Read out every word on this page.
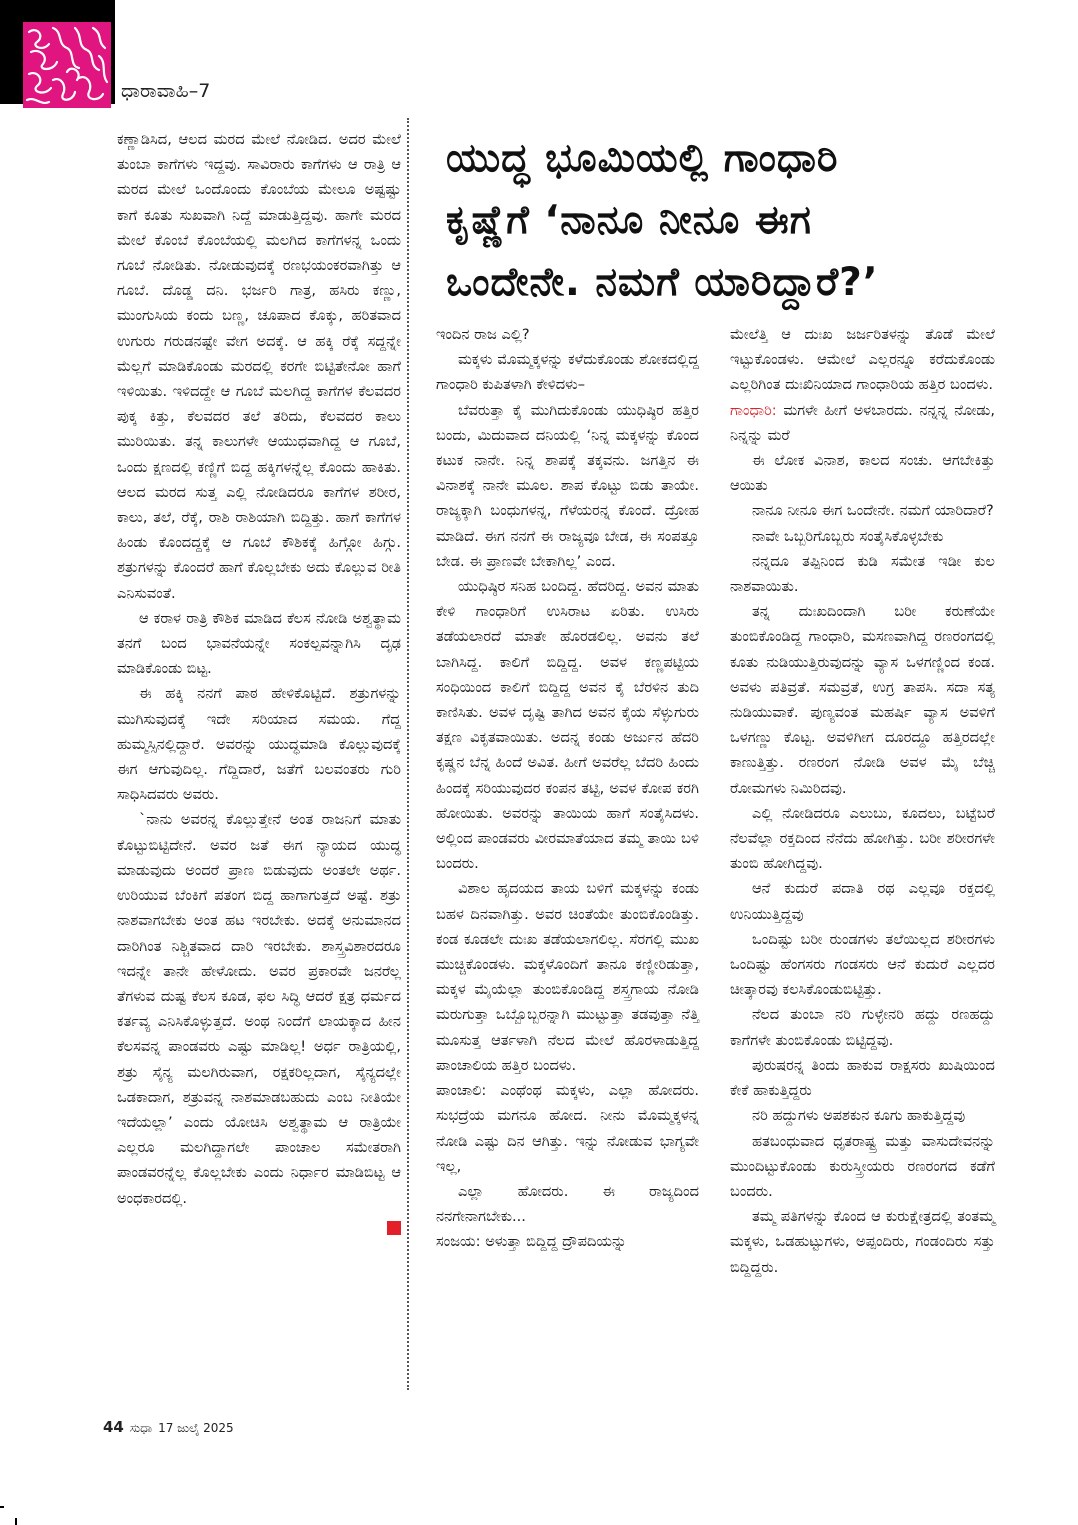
ಧಾರಾವಾಹಿ–7
ಯುದ್ಧ ಭೂಮಿಯಲ್ಲಿ ಗಾಂಧಾರಿ
ಕೃಷ್ಣೆಗೆ ‘ನಾನೂ ನೀನೂ ಈಗ
ಒಂದೇನೇ. ನಮಗೆ ಯಾರಿದ್ದಾರೆ?’

ಕಣ್ಣಾಡಿಸಿದ, ಆಲದ ಮರದ ಮೇಲೆ ನೋಡಿದ. ಅದರ ಮೇಲೆ ತುಂಬಾ ಕಾಗೆಗಳು ಇದ್ದವು. ಸಾವಿರಾರು ಕಾಗೆಗಳು ಆ ರಾತ್ರಿ ಆ ಮರದ ಮೇಲೆ ಒಂದೊಂದು ಕೊಂಬೆಯ ಮೇಲೂ ಅಷ್ಟಷ್ಟು ಕಾಗೆ ಕೂತು ಸುಖವಾಗಿ ನಿದ್ದೆ ಮಾಡುತ್ತಿದ್ದವು. ಹಾಗೇ ಮರದ ಮೇಲೆ ಕೊಂಬೆ ಕೊಂಬೆಯಲ್ಲಿ ಮಲಗಿದ ಕಾಗೆಗಳನ್ನ ಒಂದು ಗೂಬೆ ನೋಡಿತು. ನೋಡುವುದಕ್ಕೆ ರಣಭಯಂಕರವಾಗಿತ್ತು ಆ ಗೂಬೆ. ದೊಡ್ಡ ದನಿ. ಭರ್ಜರಿ ಗಾತ್ರ, ಹಸಿರು ಕಣ್ಣು, ಮುಂಗುಸಿಯ ಕಂದು ಬಣ್ಣ, ಚೂಪಾದ ಕೊಕ್ಕು, ಹರಿತವಾದ ಉಗುರು ಗರುಡನಷ್ಟೇ ವೇಗ ಅದಕ್ಕೆ. ಆ ಹಕ್ಕಿ ರೆಕ್ಕೆ ಸದ್ದನ್ನೇ ಮೆಲ್ಲಗೆ ಮಾಡಿಕೊಂಡು ಮರದಲ್ಲಿ ಕರಗೇ ಬಿಟ್ಟಿತೇನೋ ಹಾಗೆ ಇಳಿಯಿತು. ಇಳಿದದ್ದೇ ಆ ಗೂಬೆ ಮಲಗಿದ್ದ ಕಾಗೆಗಳ ಕೆಲವದರ ಪುಕ್ಕ ಕಿತ್ತು, ಕೆಲವದರ ತಲೆ ತರಿದು, ಕೆಲವದರ ಕಾಲು ಮುರಿಯಿತು. ತನ್ನ ಕಾಲುಗಳೇ ಆಯುಧವಾಗಿದ್ದ ಆ ಗೂಬೆ, ಒಂದು ಕ್ಷಣದಲ್ಲಿ ಕಣ್ಣಿಗೆ ಬಿದ್ದ ಹಕ್ಕಿಗಳನ್ನೆಲ್ಲ ಕೊಂದು ಹಾಕಿತು. ಆಲದ ಮರದ ಸುತ್ತ ಎಲ್ಲಿ ನೋಡಿದರೂ ಕಾಗೆಗಳ ಶರೀರ, ಕಾಲು, ತಲೆ, ರೆಕ್ಕೆ, ರಾಶಿ ರಾಶಿಯಾಗಿ ಬಿದ್ದಿತ್ತು. ಹಾಗೆ ಕಾಗೆಗಳ ಹಿಂಡು ಕೊಂದದ್ದಕ್ಕೆ ಆ ಗೂಬೆ ಕೌಶಿಕಕ್ಕೆ ಹಿಗ್ಗೋ ಹಿಗ್ಗು. ಶತ್ರುಗಳನ್ನು ಕೊಂದರೆ ಹಾಗೆ ಕೊಲ್ಲಬೇಕು ಅದು ಕೊಲ್ಲುವ ರೀತಿ ಎನಿಸುವಂತೆ.

ಆ ಕರಾಳ ರಾತ್ರಿ ಕೌಶಿಕ ಮಾಡಿದ ಕೆಲಸ ನೋಡಿ ಅಶ್ವತ್ಥಾಮ ತನಗೆ ಬಂದ ಭಾವನೆಯನ್ನೇ ಸಂಕಲ್ಪವನ್ನಾಗಿಸಿ ದೃಢ ಮಾಡಿಕೊಂಡು ಬಿಟ್ಟ.

ಈ ಹಕ್ಕಿ ನನಗೆ ಪಾಠ ಹೇಳಿಕೊಟ್ಟಿದೆ. ಶತ್ರುಗಳನ್ನು ಮುಗಿಸುವುದಕ್ಕೆ ಇದೇ ಸರಿಯಾದ ಸಮಯ. ಗೆದ್ದ ಹುಮ್ಮಸ್ಸಿನಲ್ಲಿದ್ದಾರೆ. ಅವರನ್ನು ಯುದ್ಧಮಾಡಿ ಕೊಲ್ಲುವುದಕ್ಕೆ ಈಗ ಆಗುವುದಿಲ್ಲ. ಗೆದ್ದಿದಾರೆ, ಜತೆಗೆ ಬಲವಂತರು ಗುರಿ ಸಾಧಿಸಿದವರು ಅವರು.

`ನಾನು ಅವರನ್ನ ಕೊಲ್ಲುತ್ತೇನೆ ಅಂತ ರಾಜನಿಗೆ ಮಾತು ಕೊಟ್ಟುಬಿಟ್ಟಿದೇನೆ. ಅವರ ಜತೆ ಈಗ ನ್ಯಾಯದ ಯುದ್ಧ ಮಾಡುವುದು ಅಂದರೆ ಪ್ರಾಣ ಬಿಡುವುದು ಅಂತಲೇ ಅರ್ಥ. ಉರಿಯುವ ಬೆಂಕಿಗೆ ಪತಂಗ ಬಿದ್ದ ಹಾಗಾಗುತ್ತದೆ ಅಷ್ಟೆ. ಶತ್ರು ನಾಶವಾಗಬೇಕು ಅಂತ ಹಟ ಇರಬೇಕು. ಅದಕ್ಕೆ ಅನುಮಾನದ ದಾರಿಗಿಂತ ನಿಶ್ಚಿತವಾದ ದಾರಿ ಇರಬೇಕು. ಶಾಸ್ತ್ರವಿಶಾರದರೂ ಇದನ್ನೇ ತಾನೇ ಹೇಳೋದು. ಅವರ ಪ್ರಕಾರವೇ ಜನರೆಲ್ಲ ತೆಗಳುವ ದುಷ್ಟ ಕೆಲಸ ಕೂಡ, ಫಲ ಸಿದ್ಧಿ ಆದರೆ ಕ್ಷತ್ರ ಧರ್ಮದ ಕರ್ತವ್ಯ ಎನಿಸಿಕೊಳ್ಳುತ್ತದೆ. ಅಂಥ ನಿಂದೆಗೆ ಲಾಯಕ್ಕಾದ ಹೀನ ಕೆಲಸವನ್ನ ಪಾಂಡವರು ಎಷ್ಟು ಮಾಡಿಲ್ಲ! ಅರ್ಧ ರಾತ್ರಿಯಲ್ಲಿ, ಶತ್ರು ಸೈನ್ಯ ಮಲಗಿರುವಾಗ, ರಕ್ಷಕರಿಲ್ಲದಾಗ, ಸೈನ್ಯದಲ್ಲೇ ಒಡಕಾದಾಗ, ಶತ್ರುವನ್ನ ನಾಶಮಾಡಬಹುದು ಎಂಬ ನೀತಿಯೇ ಇದೆಯಲ್ಲಾ’ ಎಂದು ಯೋಚಿಸಿ ಅಶ್ವತ್ಥಾಮ ಆ ರಾತ್ರಿಯೇ ಎಲ್ಲರೂ ಮಲಗಿದ್ದಾಗಲೇ ಪಾಂಚಾಲ ಸಮೇತರಾಗಿ ಪಾಂಡವರನ್ನೆಲ್ಲ ಕೊಲ್ಲಬೇಕು ಎಂದು ನಿರ್ಧಾರ ಮಾಡಿಬಿಟ್ಟ ಆ ಅಂಧಕಾರದಲ್ಲಿ.

ಇಂದಿನ ರಾಜ ಎಲ್ಲಿ?

ಮಕ್ಕಳು ಮೊಮ್ಮಕ್ಕಳನ್ನು ಕಳೆದುಕೊಂಡು ಶೋಕದಲ್ಲಿದ್ದ ಗಾಂಧಾರಿ ಕುಪಿತಳಾಗಿ ಕೇಳಿದಳು–

ಬೆವರುತ್ತಾ ಕೈ ಮುಗಿದುಕೊಂಡು ಯುಧಿಷ್ಠಿರ ಹತ್ತಿರ ಬಂದು, ಮಿದುವಾದ ದನಿಯಲ್ಲಿ ‘ನಿನ್ನ ಮಕ್ಕಳನ್ನು ಕೊಂದ ಕಟುಕ ನಾನೇ. ನಿನ್ನ ಶಾಪಕ್ಕೆ ತಕ್ಕವನು. ಜಗತ್ತಿನ ಈ ವಿನಾಶಕ್ಕೆ ನಾನೇ ಮೂಲ. ಶಾಪ ಕೊಟ್ಟು ಬಿಡು ತಾಯೇ. ರಾಜ್ಯಕ್ಕಾಗಿ ಬಂಧುಗಳನ್ನ, ಗೆಳೆಯರನ್ನ ಕೊಂದೆ. ದ್ರೋಹ ಮಾಡಿದೆ. ಈಗ ನನಗೆ ಈ ರಾಜ್ಯವೂ ಬೇಡ, ಈ ಸಂಪತ್ತೂ ಬೇಡ. ಈ ಪ್ರಾಣವೇ ಬೇಕಾಗಿಲ್ಲ’ ಎಂದ.

ಯುಧಿಷ್ಠಿರ ಸನಿಹ ಬಂದಿದ್ದ. ಹೆದರಿದ್ದ. ಅವನ ಮಾತು ಕೇಳಿ ಗಾಂಧಾರಿಗೆ ಉಸಿರಾಟ ಏರಿತು. ಉಸಿರು ತಡೆಯಲಾರದೆ ಮಾತೇ ಹೊರಡಲಿಲ್ಲ. ಅವನು ತಲೆ ಬಾಗಿಸಿದ್ದ. ಕಾಲಿಗೆ ಬಿದ್ದಿದ್ದ. ಅವಳ ಕಣ್ಣಪಟ್ಟಿಯ ಸಂಧಿಯಿಂದ ಕಾಲಿಗೆ ಬಿದ್ದಿದ್ದ ಅವನ ಕೈ ಬೆರಳಿನ ತುದಿ ಕಾಣಿಸಿತು. ಅವಳ ದೃಷ್ಟಿ ತಾಗಿದ ಅವನ ಕೈಯ ಸೆಳ್ಳುಗುರು ತಕ್ಷಣ ವಿಕೃತವಾಯಿತು. ಅದನ್ನ ಕಂಡು ಅರ್ಜುನ ಹೆದರಿ ಕೃಷ್ಣನ ಬೆನ್ನ ಹಿಂದೆ ಅವಿತ. ಹೀಗೆ ಅವರೆಲ್ಲ ಬೆದರಿ ಹಿಂದು ಹಿಂದಕ್ಕೆ ಸರಿಯುವುದರ ಕಂಪನ ತಟ್ಟಿ, ಅವಳ ಕೋಪ ಕರಗಿ ಹೋಯಿತು. ಅವರನ್ನು ತಾಯಿಯ ಹಾಗೆ ಸಂತೈಸಿದಳು. ಅಲ್ಲಿಂದ ಪಾಂಡವರು ವೀರಮಾತೆಯಾದ ತಮ್ಮ ತಾಯಿ ಬಳಿ ಬಂದರು.

ವಿಶಾಲ ಹೃದಯದ ತಾಯ ಬಳಿಗೆ ಮಕ್ಕಳನ್ನು ಕಂಡು ಬಹಳ ದಿನವಾಗಿತ್ತು. ಅವರ ಚಿಂತೆಯೇ ತುಂಬಿಕೊಂಡಿತ್ತು. ಕಂಡ ಕೂಡಲೇ ದುಃಖ ತಡೆಯಲಾಗಲಿಲ್ಲ. ಸೆರಗಲ್ಲಿ ಮುಖ ಮುಚ್ಚಿಕೊಂಡಳು. ಮಕ್ಕಳೊಂದಿಗೆ ತಾನೂ ಕಣ್ಣೀರಿಡುತ್ತಾ, ಮಕ್ಕಳ ಮೈಯೆಲ್ಲಾ ತುಂಬಿಕೊಂಡಿದ್ದ ಶಸ್ತ್ರಗಾಯ ನೋಡಿ ಮರುಗುತ್ತಾ ಒಬ್ಬೊಬ್ಬರನ್ನಾಗಿ ಮುಟ್ಟುತ್ತಾ ತಡವುತ್ತಾ ನೆತ್ತಿ ಮೂಸುತ್ತ ಆರ್ತಳಾಗಿ ನೆಲದ ಮೇಲೆ ಹೊರಳಾಡುತ್ತಿದ್ದ ಪಾಂಚಾಲಿಯ ಹತ್ತಿರ ಬಂದಳು.

ಪಾಂಚಾಲಿ: ಎಂಥೆಂಥ ಮಕ್ಕಳು, ಎಲ್ಲಾ ಹೋದರು. ಸುಭದ್ರೆಯ ಮಗನೂ ಹೋದ. ನೀನು ಮೊಮ್ಮಕ್ಕಳನ್ನ ನೋಡಿ ಎಷ್ಟು ದಿನ ಆಗಿತ್ತು. ಇನ್ನು ನೋಡುವ ಭಾಗ್ಯವೇ ಇಲ್ಲ,

ಎಲ್ಲಾ ಹೋದರು. ಈ ರಾಜ್ಯದಿಂದ ನನಗೇನಾಗಬೇಕು...

ಸಂಜಯ: ಅಳುತ್ತಾ ಬಿದ್ದಿದ್ದ ದ್ರೌಪದಿಯನ್ನು

ಮೇಲೆತ್ತಿ ಆ ದುಃಖ ಜರ್ಜರಿತಳನ್ನು ತೊಡೆ ಮೇಲೆ ಇಟ್ಟುಕೊಂಡಳು. ಆಮೇಲೆ ಎಲ್ಲರನ್ನೂ ಕರೆದುಕೊಂಡು ಎಲ್ಲರಿಗಿಂತ ದುಃಖಿನಿಯಾದ ಗಾಂಧಾರಿಯ ಹತ್ತಿರ ಬಂದಳು.

ಗಾಂಧಾರಿ: ಮಗಳೇ ಹೀಗೆ ಅಳಬಾರದು. ನನ್ನನ್ನ ನೋಡು, ನಿನ್ನನ್ನು ಮರೆ

ಈ ಲೋಕ ವಿನಾಶ, ಕಾಲದ ಸಂಚು. ಆಗಬೇಕಿತ್ತು ಆಯಿತು

ನಾನೂ ನೀನೂ ಈಗ ಒಂದೇನೇ. ನಮಗೆ ಯಾರಿದಾರೆ?

ನಾವೇ ಒಬ್ಬರಿಗೊಬ್ಬರು ಸಂತೈಸಿಕೊಳ್ಳಬೇಕು

ನನ್ನದೂ ತಪ್ಪಿನಿಂದ ಕುಡಿ ಸಮೇತ ಇಡೀ ಕುಲ ನಾಶವಾಯಿತು.

ತನ್ನ ದುಃಖದಿಂದಾಗಿ ಬರೀ ಕರುಣೆಯೇ ತುಂಬಿಕೊಂಡಿದ್ದ ಗಾಂಧಾರಿ, ಮಸಣವಾಗಿದ್ದ ರಣರಂಗದಲ್ಲಿ ಕೂತು ನುಡಿಯುತ್ತಿರುವುದನ್ನು ವ್ಯಾಸ ಒಳಗಣ್ಣಿಂದ ಕಂಡ. ಅವಳು ಪತಿವ್ರತೆ. ಸಮವ್ರತೆ, ಉಗ್ರ ತಾಪಸಿ. ಸದಾ ಸತ್ಯ ನುಡಿಯುವಾಕೆ. ಪುಣ್ಯವಂತ ಮಹರ್ಷಿ ವ್ಯಾಸ ಅವಳಿಗೆ ಒಳಗಣ್ಣು ಕೊಟ್ಟ. ಅವಳಿಗೀಗ ದೂರದ್ದೂ ಹತ್ತಿರದಲ್ಲೇ ಕಾಣುತ್ತಿತ್ತು. ರಣರಂಗ ನೋಡಿ ಅವಳ ಮೈ ಬೆಚ್ಚಿ ರೋಮಗಳು ನಿಮಿರಿದವು.

ಎಲ್ಲಿ ನೋಡಿದರೂ ಎಲುಬು, ಕೂದಲು, ಬಟ್ಟೆಬರೆ ನೆಲವೆಲ್ಲಾ ರಕ್ತದಿಂದ ನೆನೆದು ಹೋಗಿತ್ತು. ಬರೀ ಶರೀರಗಳೇ ತುಂಬಿ ಹೋಗಿದ್ದವು.

ಆನೆ ಕುದುರೆ ಪದಾತಿ ರಥ ಎಲ್ಲವೂ ರಕ್ತದಲ್ಲಿ ಉನಿಯುತ್ತಿದ್ದವು

ಒಂದಿಷ್ಟು ಬರೀ ರುಂಡಗಳು ತಲೆಯಿಲ್ಲದ ಶರೀರಗಳು ಒಂದಿಷ್ಟು ಹೆಂಗಸರು ಗಂಡಸರು ಆನೆ ಕುದುರೆ ಎಲ್ಲದರ ಚೀತ್ಕಾರವು ಕಲಸಿಕೊಂಡುಬಿಟ್ಟಿತ್ತು.

ನೆಲದ ತುಂಬಾ ನರಿ ಗುಳ್ಳೇನರಿ ಹದ್ದು ರಣಹದ್ದು ಕಾಗೆಗಳೇ ತುಂಬಿಕೊಂಡು ಬಿಟ್ಟಿದ್ದವು.

ಪುರುಷರನ್ನ ತಿಂದು ಹಾಕುವ ರಾಕ್ಷಸರು ಖುಷಿಯಿಂದ ಕೇಕೆ ಹಾಕುತ್ತಿದ್ದರು

ನರಿ ಹದ್ದುಗಳು ಅಪಶಕುನ ಕೂಗು ಹಾಕುತ್ತಿದ್ದವು

ಹತಬಂಧುವಾದ ಧೃತರಾಷ್ಟ್ರ ಮತ್ತು ವಾಸುದೇವನನ್ನು ಮುಂದಿಟ್ಟುಕೊಂಡು ಕುರುಸ್ತ್ರೀಯರು ರಣರಂಗದ ಕಡೆಗೆ ಬಂದರು.

ತಮ್ಮ ಪತಿಗಳನ್ನು ಕೊಂದ ಆ ಕುರುಕ್ಷೇತ್ರದಲ್ಲಿ ತಂತಮ್ಮ ಮಕ್ಕಳು, ಒಡಹುಟ್ಟುಗಳು, ಅಪ್ಪಂದಿರು, ಗಂಡಂದಿರು ಸತ್ತು ಬಿದ್ದಿದ್ದರು.

44 ಸುಧಾ 17 ಜುಲೈ 2025
